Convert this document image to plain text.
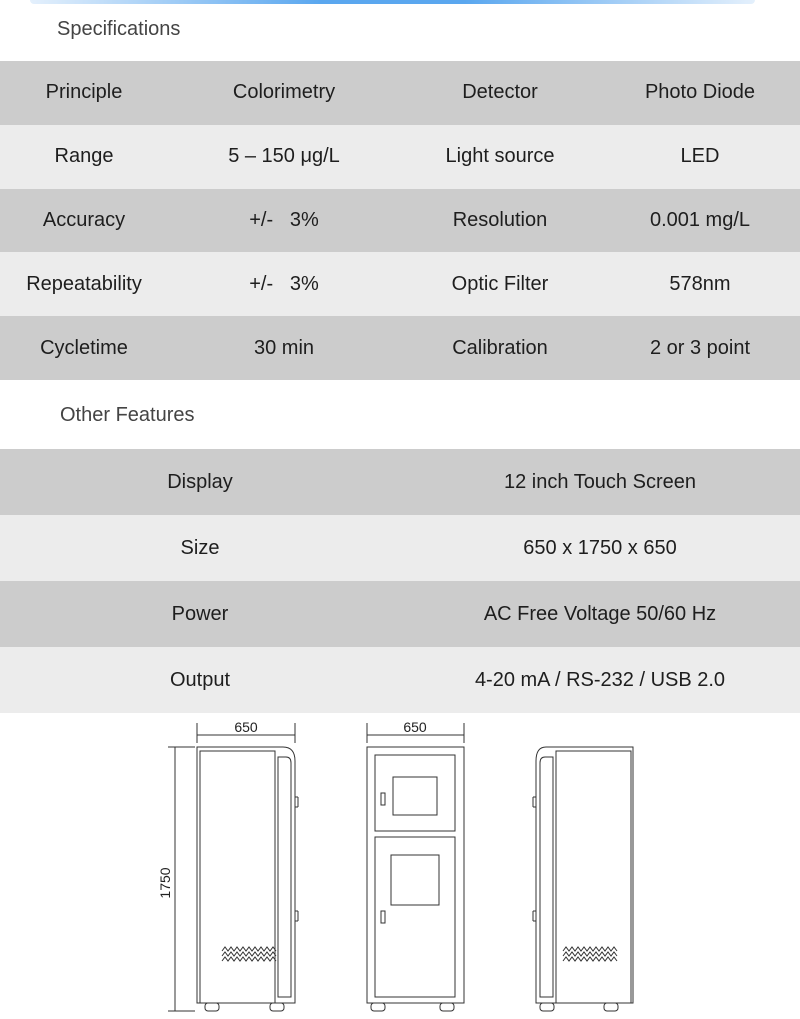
Specifications
Principle	Colorimetry	Detector	Photo Diode
Range	5 – 150 μg/L	Light source	LED
Accuracy	+/-   3%	Resolution	0.001 mg/L
Repeatability	+/-   3%	Optic Filter	578nm
Cycletime	30 min	Calibration	2 or 3 point
Other Features
Display	12 inch Touch Screen
Size	650 x 1750 x 650
Power	AC Free Voltage 50/60 Hz
Output	4-20 mA / RS-232 / USB 2.0
650	650
1750
